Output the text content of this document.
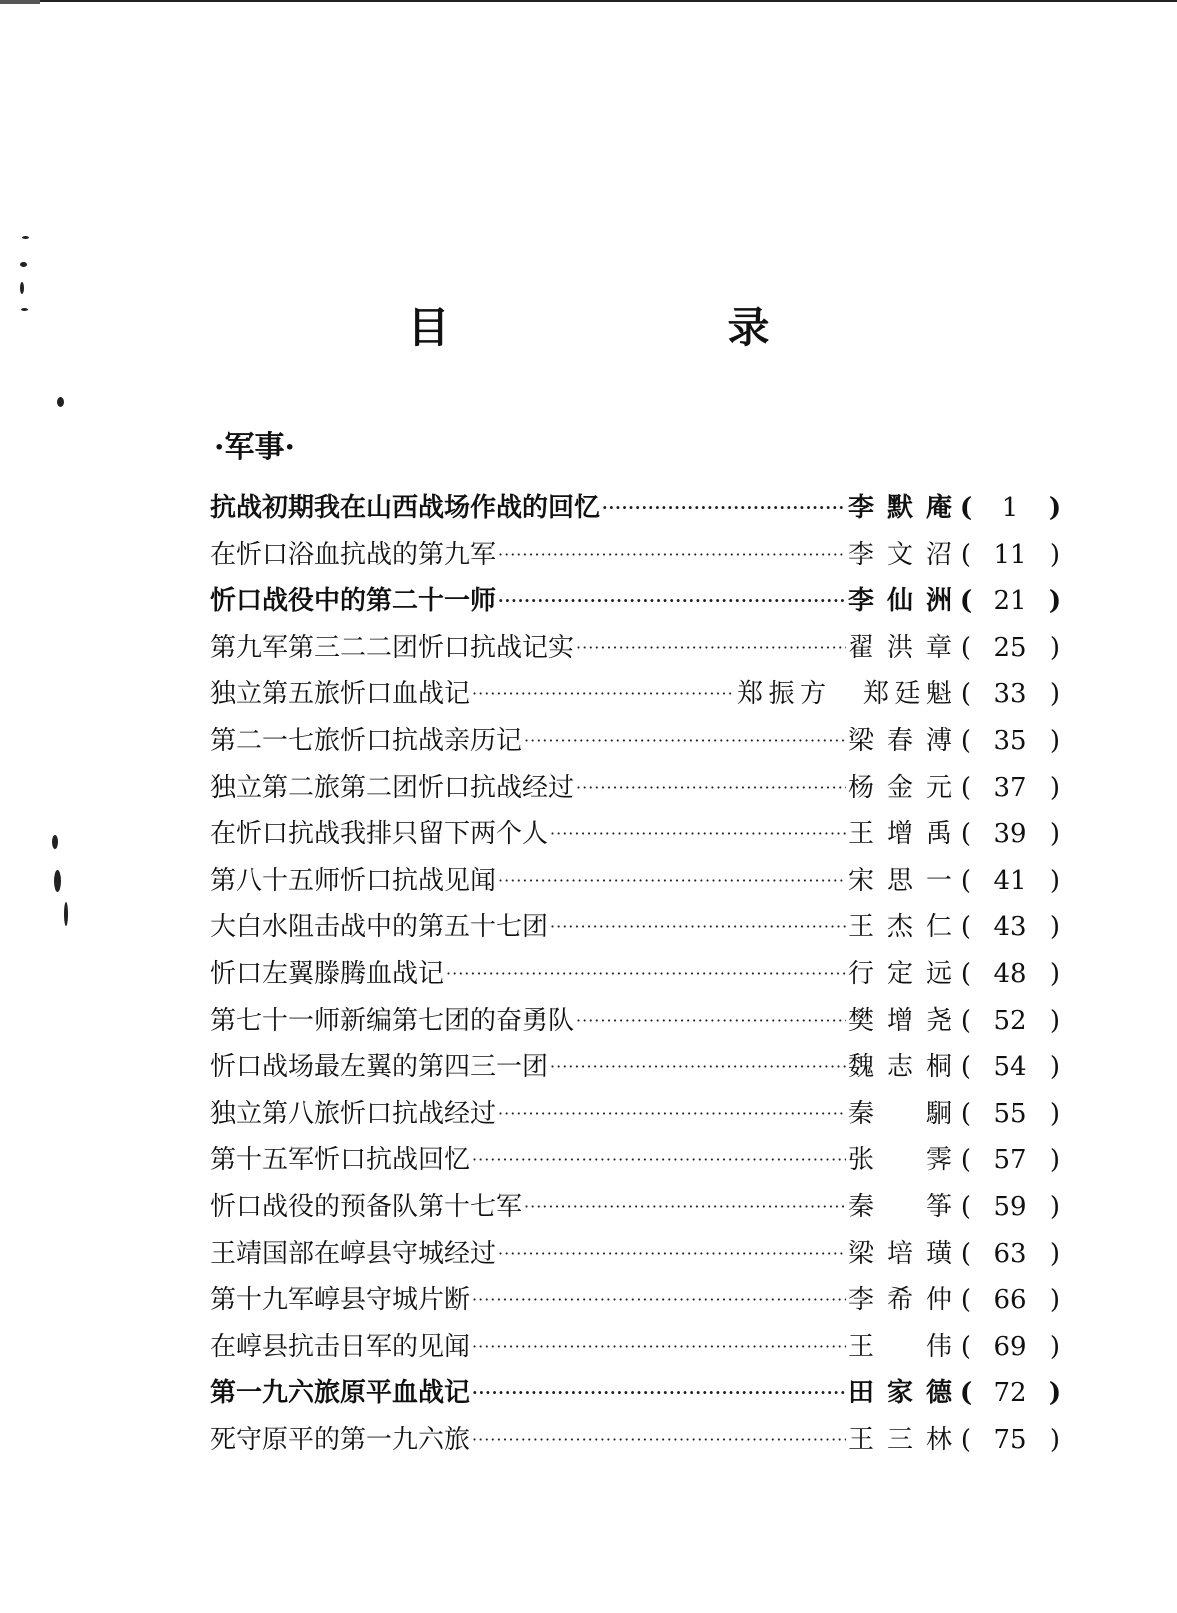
目　录
·军事·
抗战初期我在山西战场作战的回忆 ·····	李默庵 (	1	)
在忻口浴血抗战的第九军 ·····	李文沼 ( 11 )
忻口战役中的第二十一师 ·····	李仙洲 ( 21 )
第九军第三二二团忻口抗战记实 ·····	翟洪章 ( 25 )
独立第五旅忻口血战记 ·····	郑振方　郑廷魁 ( 33 )
第二一七旅忻口抗战亲历记 ·····	梁春溥 ( 35 )
独立第二旅第二团忻口抗战经过 ·····	杨金元 ( 37 )
在忻口抗战我排只留下两个人 ·····	王增禹 ( 39 )
第八十五师忻口抗战见闻 ·····	宋思一 ( 41 )
大白水阻击战中的第五十七团 ·····	王杰仁 ( 43 )
忻口左翼滕腾血战记 ·····	行定远 ( 48 )
第七十一师新编第七团的奋勇队 ·····	樊增尧 ( 52 )
忻口战场最左翼的第四三一团 ·····	魏志桐 ( 54 )
独立第八旅忻口抗战经过 ·····	秦　駉 ( 55 )
第十五军忻口抗战回忆 ·····	张　霁 ( 57 )
忻口战役的预备队第十七军 ·····	秦　筝 ( 59 )
王靖国部在崞县守城经过 ·····	梁培璜 ( 63 )
第十九军崞县守城片断 ·····	李希仲 ( 66 )
在崞县抗击日军的见闻 ·····	王　伟 ( 69 )
第一九六旅原平血战记 ·····	田家德 ( 72 )
死守原平的第一九六旅 ·····	王三林 ( 75 )
